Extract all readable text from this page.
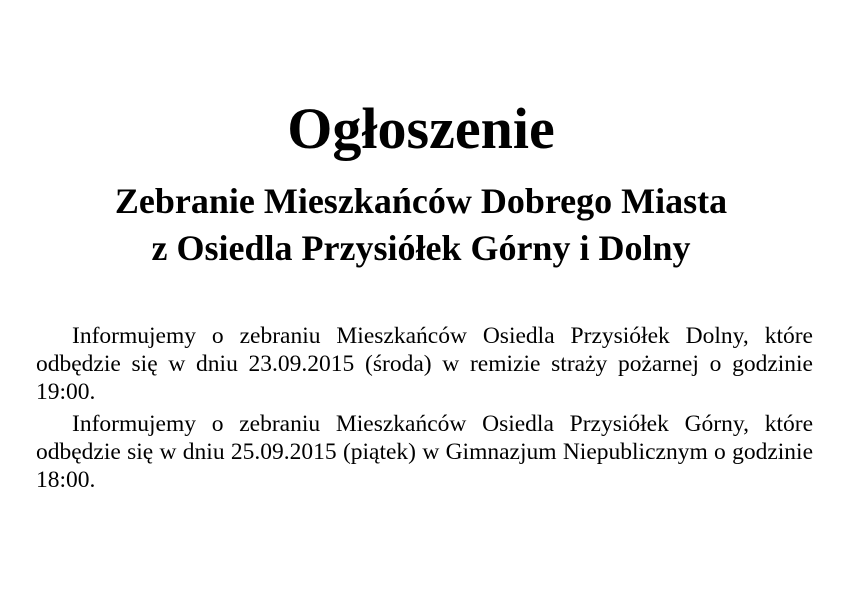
Ogłoszenie
Zebranie Mieszkańców Dobrego Miasta
z Osiedla Przysiółek Górny i Dolny

Informujemy o zebraniu Mieszkańców Osiedla Przysiółek Dolny, które odbędzie się w dniu 23.09.2015 (środa) w remizie straży pożarnej o godzinie 19:00.

Informujemy o zebraniu Mieszkańców Osiedla Przysiółek Górny, które odbędzie się w dniu 25.09.2015 (piątek) w Gimnazjum Niepublicznym o godzinie 18:00.
